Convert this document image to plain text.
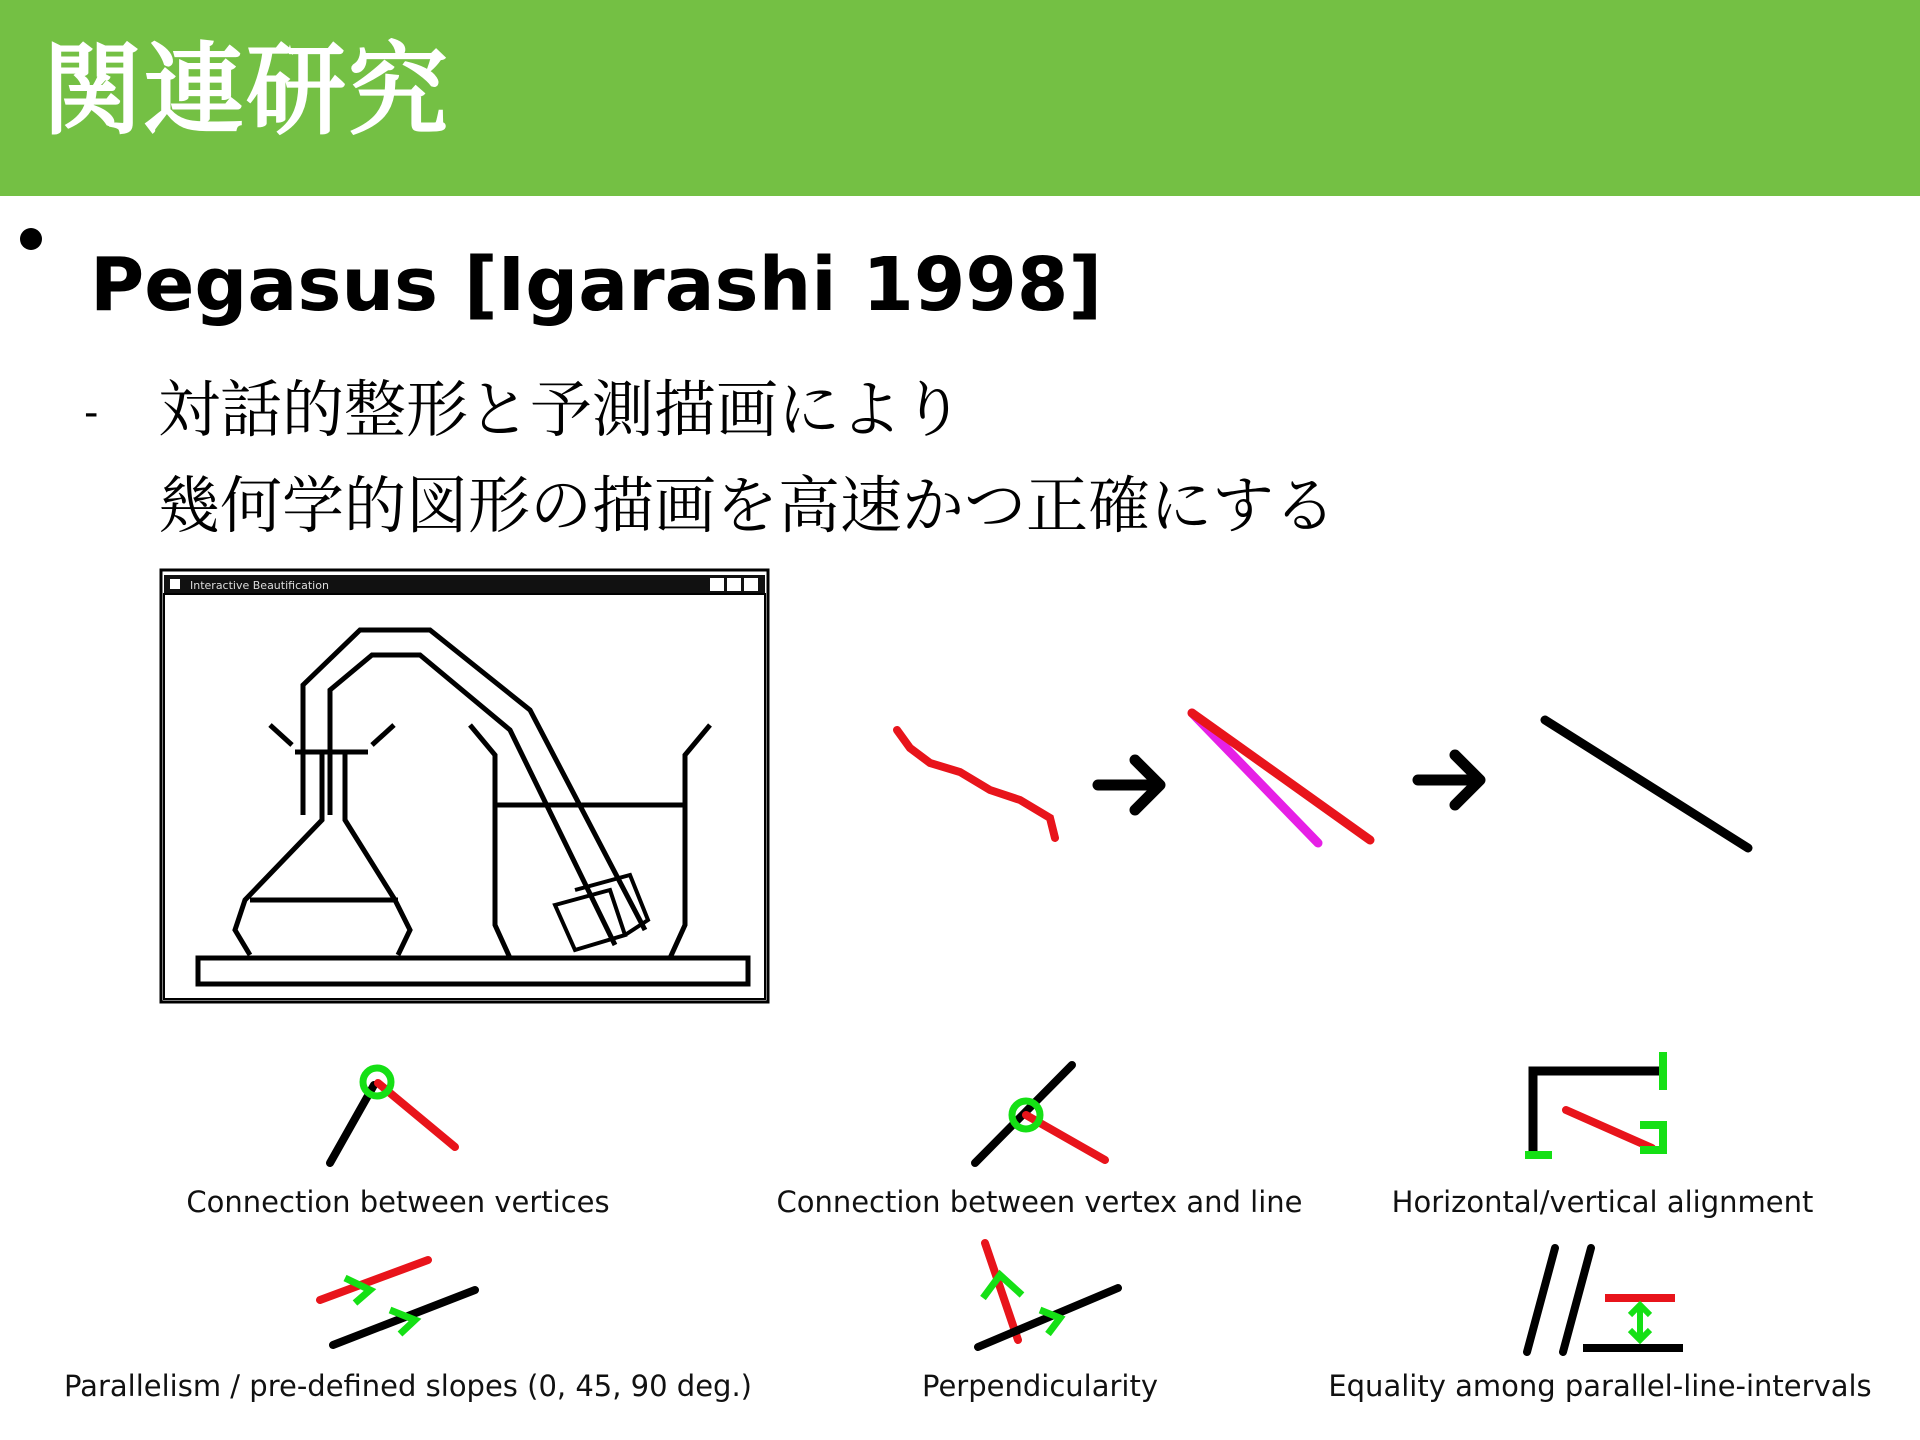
関連研究
Pegasus [Igarashi 1998]
- 対話的整形と予測描画により
幾何学的図形の描画を高速かつ正確にする
Interactive Beautification
Connection between vertices	Connection between vertex and line	Horizontal/vertical alignment
Parallelism / pre-defined slopes (0, 45, 90 deg.)	Perpendicularity	Equality among parallel-line-intervals
